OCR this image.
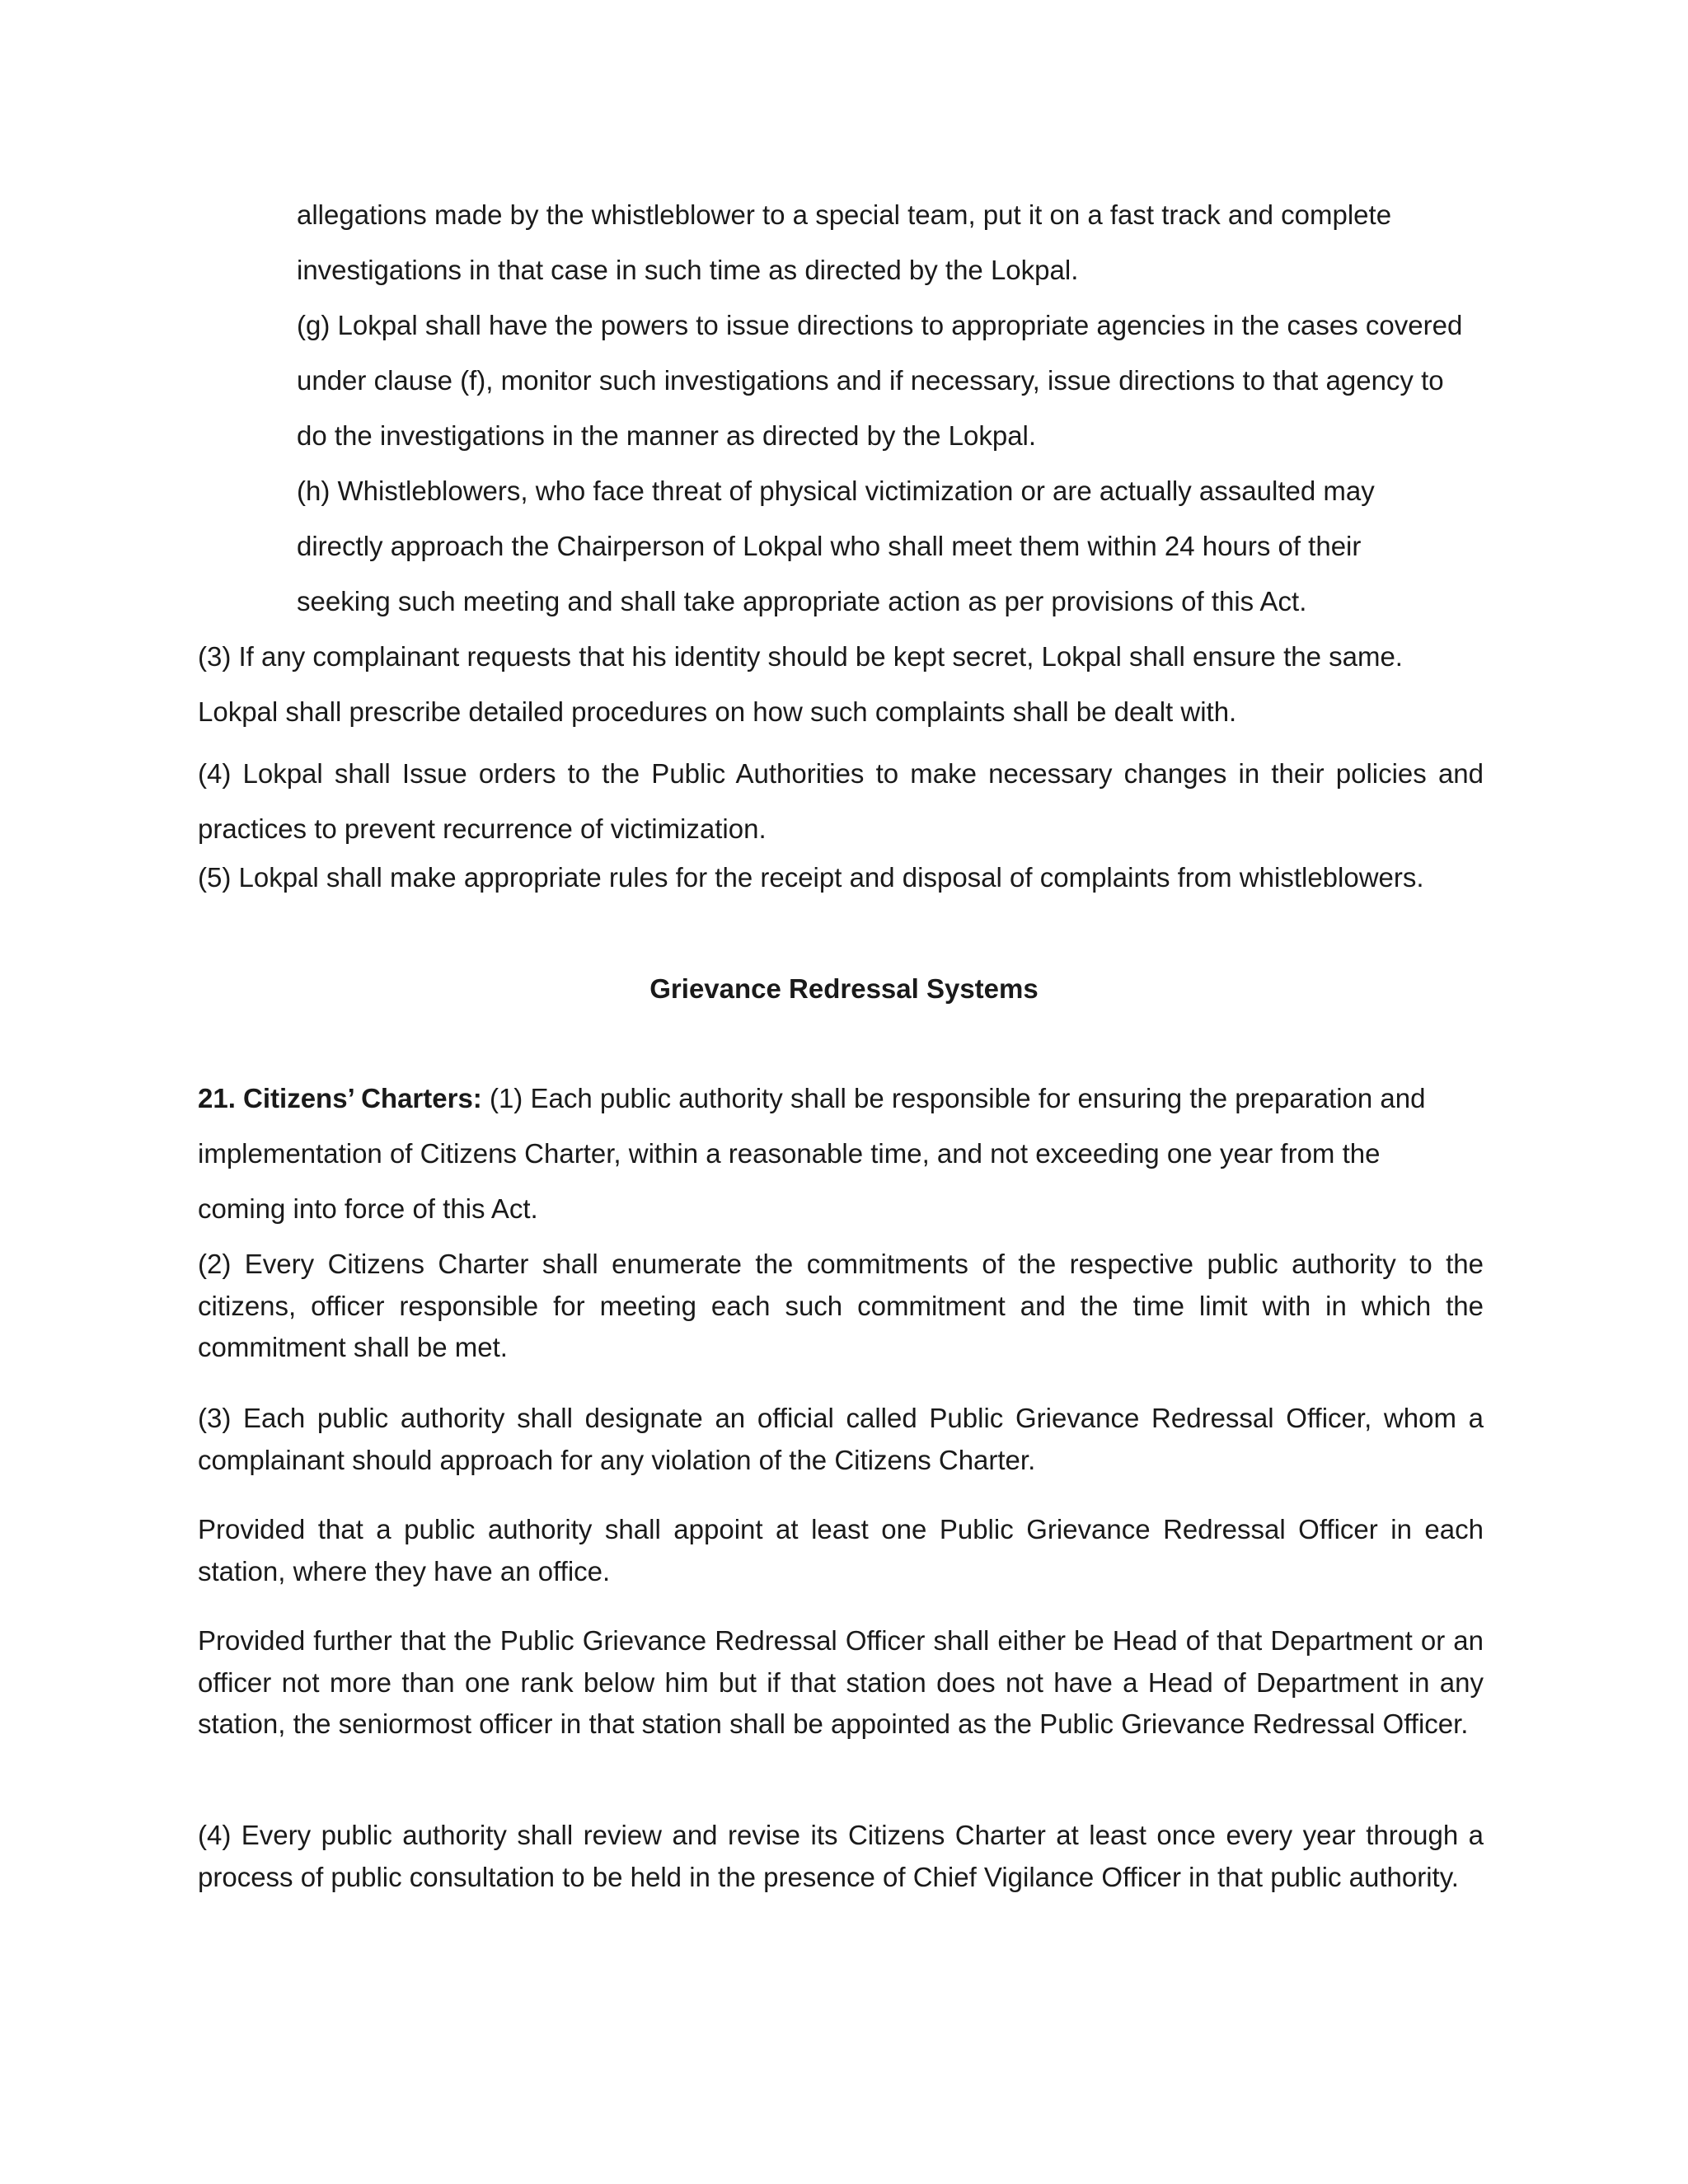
allegations made by the whistleblower to a special team, put it on a fast track and complete

investigations in that case in such time as directed by the Lokpal.

(g) Lokpal shall have the powers to issue directions to appropriate agencies in the cases covered

under clause (f), monitor such investigations and if necessary, issue directions to that agency to

do the investigations in the manner as directed by the Lokpal.

(h) Whistleblowers, who face threat of physical victimization or are actually assaulted may

directly approach the Chairperson of Lokpal who shall meet them within 24 hours of their

seeking such meeting and shall take appropriate action as per provisions of this Act.

(3) If any complainant requests that his identity should be kept secret, Lokpal shall ensure the same.

Lokpal shall prescribe detailed procedures on how such complaints shall be dealt with.

(4) Lokpal shall Issue orders to the Public Authorities to make necessary changes in their policies and practices to prevent recurrence of victimization.

(5) Lokpal shall make appropriate rules for the receipt and disposal of complaints from whistleblowers.

Grievance Redressal Systems

21. Citizens’ Charters: (1) Each public authority shall be responsible for ensuring the preparation and

implementation of Citizens Charter, within a reasonable time, and not exceeding one year from the

coming into force of this Act.

(2) Every Citizens Charter shall enumerate the commitments of the respective public authority to the citizens, officer responsible for meeting each such commitment and the time limit with in which the commitment shall be met.

(3) Each public authority shall designate an official called Public Grievance Redressal Officer, whom a complainant should approach for any violation of the Citizens Charter.

Provided that a public authority shall appoint at least one Public Grievance Redressal Officer in each station, where they have an office.

Provided further that the Public Grievance Redressal Officer shall either be Head of that Department or an officer not more than one rank below him but if that station does not have a Head of Department in any station, the seniormost officer in that station shall be appointed as the Public Grievance Redressal Officer.

(4) Every public authority shall review and revise its Citizens Charter at least once every year through a process of public consultation to be held in the presence of Chief Vigilance Officer in that public authority.
